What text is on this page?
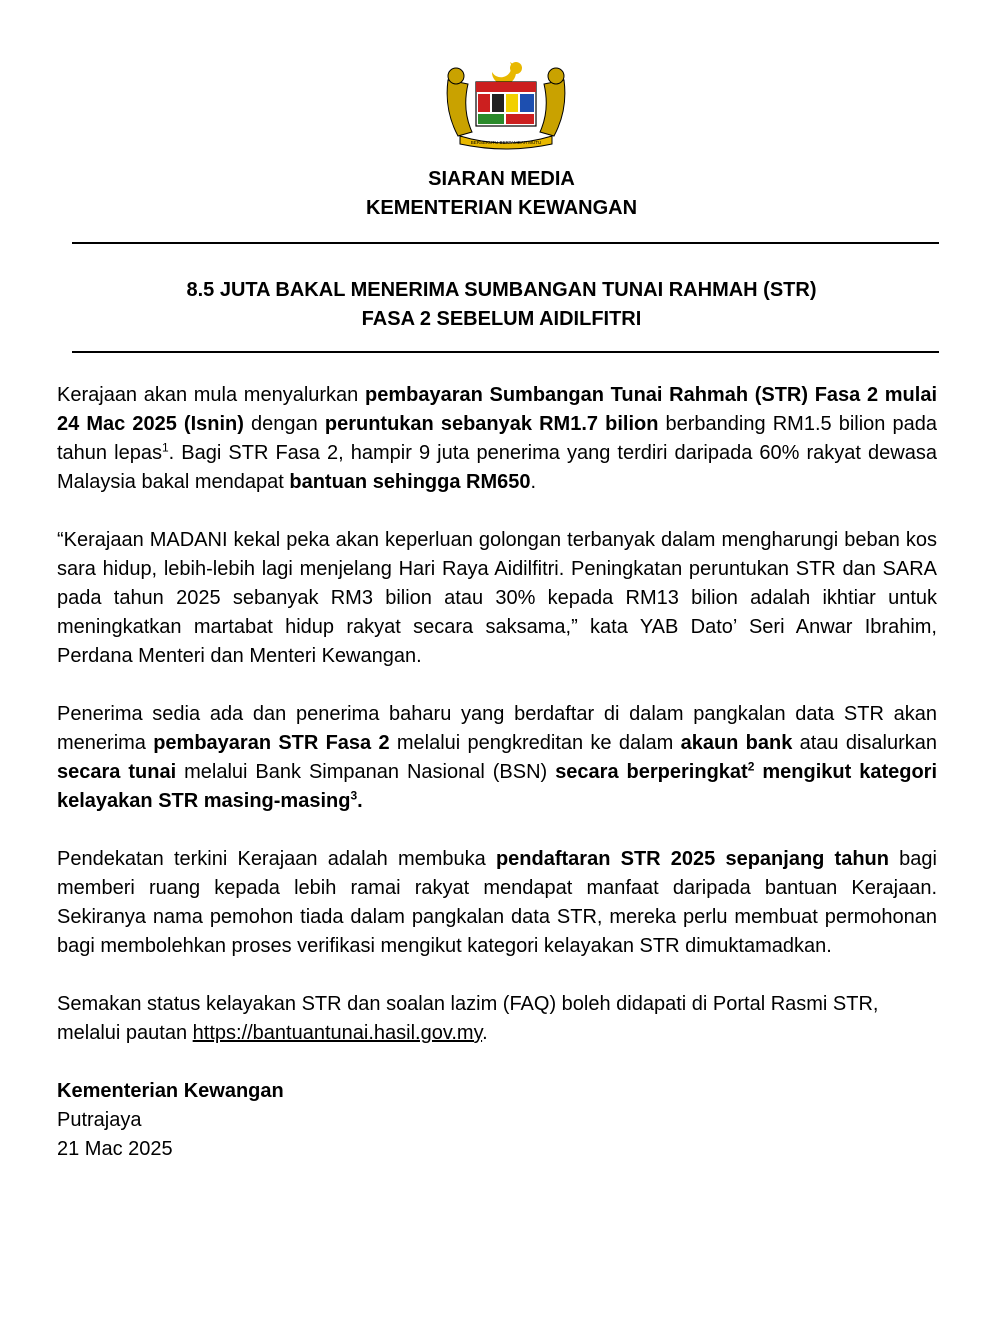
BERSEKUTU BERTAMBAH MUTU
SIARAN MEDIA
KEMENTERIAN KEWANGAN
8.5 JUTA BAKAL MENERIMA SUMBANGAN TUNAI RAHMAH (STR)
FASA 2 SEBELUM AIDILFITRI

Kerajaan akan mula menyalurkan pembayaran Sumbangan Tunai Rahmah (STR) Fasa 2 mulai 24 Mac 2025 (Isnin) dengan peruntukan sebanyak RM1.7 bilion berbanding RM1.5 bilion pada tahun lepas$^1$. Bagi STR Fasa 2, hampir 9 juta penerima yang terdiri daripada 60% rakyat dewasa Malaysia bakal mendapat bantuan sehingga RM650.

“Kerajaan MADANI kekal peka akan keperluan golongan terbanyak dalam mengharungi beban kos sara hidup, lebih-lebih lagi menjelang Hari Raya Aidilfitri. Peningkatan peruntukan STR dan SARA pada tahun 2025 sebanyak RM3 bilion atau 30% kepada RM13 bilion adalah ikhtiar untuk meningkatkan martabat hidup rakyat secara saksama,” kata YAB Dato’ Seri Anwar Ibrahim, Perdana Menteri dan Menteri Kewangan.

Penerima sedia ada dan penerima baharu yang berdaftar di dalam pangkalan data STR akan menerima pembayaran STR Fasa 2 melalui pengkreditan ke dalam akaun bank atau disalurkan secara tunai melalui Bank Simpanan Nasional (BSN) secara berperingkat$^2$ mengikut kategori kelayakan STR masing-masing$^3$.

Pendekatan terkini Kerajaan adalah membuka pendaftaran STR 2025 sepanjang tahun bagi memberi ruang kepada lebih ramai rakyat mendapat manfaat daripada bantuan Kerajaan. Sekiranya nama pemohon tiada dalam pangkalan data STR, mereka perlu membuat permohonan bagi membolehkan proses verifikasi mengikut kategori kelayakan STR dimuktamadkan.

Semakan status kelayakan STR dan soalan lazim (FAQ) boleh didapati di Portal Rasmi STR, melalui pautan https://bantuantunai.hasil.gov.my.

Kementerian Kewangan
Putrajaya
21 Mac 2025
